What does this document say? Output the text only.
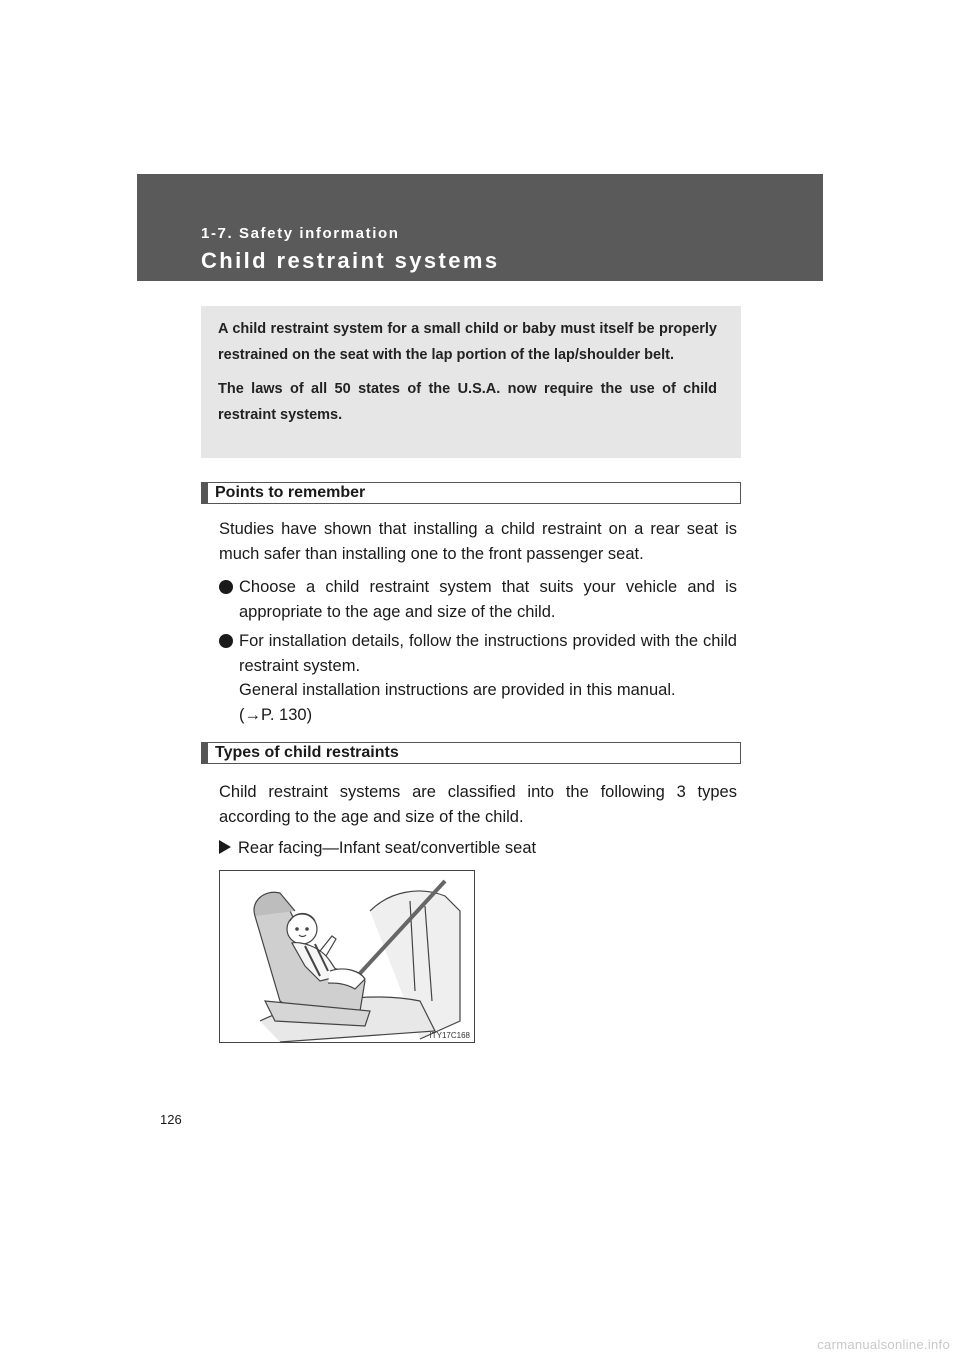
1-7. Safety information
Child restraint systems

A child restraint system for a small child or baby must itself be properly restrained on the seat with the lap portion of the lap/shoulder belt.

The laws of all 50 states of the U.S.A. now require the use of child restraint systems.

Points to remember
Studies have shown that installing a child restraint on a rear seat is much safer than installing one to the front passenger seat.
Choose a child restraint system that suits your vehicle and is appropriate to the age and size of the child.
For installation details, follow the instructions provided with the child restraint system.
General installation instructions are provided in this manual.
(→P. 130)
Types of child restraints
Child restraint systems are classified into the following 3 types according to the age and size of the child.
Rear facing—Infant seat/convertible seat
ITY17C168
126
carmanualsonline.info
